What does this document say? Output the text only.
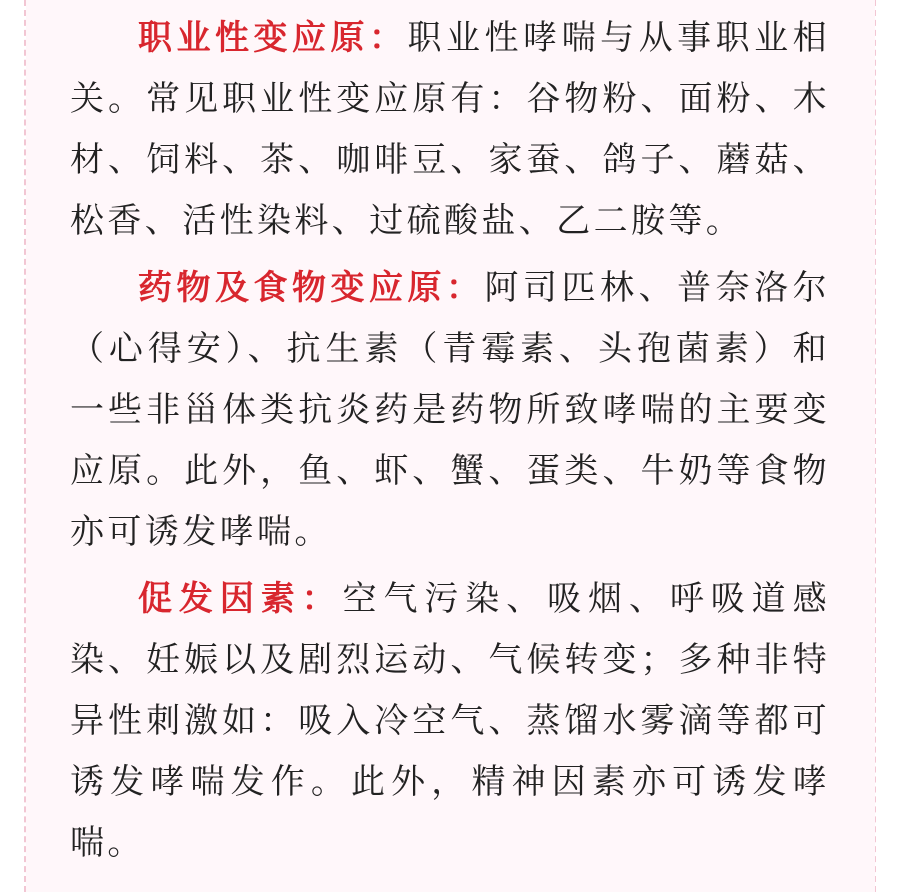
职业性变应原：职业性哮喘与从事职业相关。常见职业性变应原有：谷物粉、面粉、木材、饲料、茶、咖啡豆、家蚕、鸽子、蘑菇、松香、活性染料、过硫酸盐、乙二胺等。

药物及食物变应原：阿司匹林、普奈洛尔（心得安）、抗生素（青霉素、头孢菌素）和一些非甾体类抗炎药是药物所致哮喘的主要变应原。此外，鱼、虾、蟹、蛋类、牛奶等食物亦可诱发哮喘。

促发因素：空气污染、吸烟、呼吸道感染、妊娠以及剧烈运动、气候转变；多种非特异性刺激如：吸入冷空气、蒸馏水雾滴等都可诱发哮喘发作。此外，精神因素亦可诱发哮喘。
